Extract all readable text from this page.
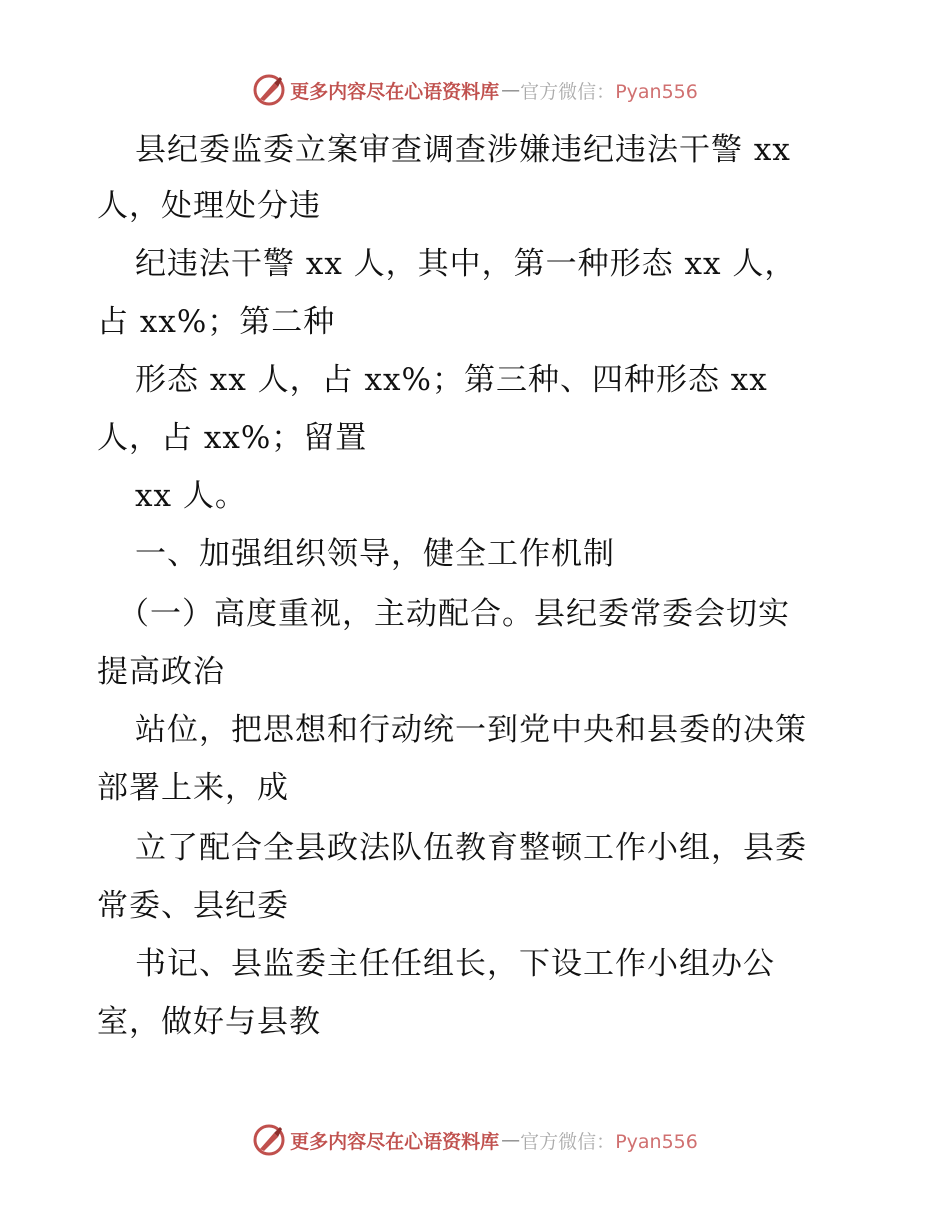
更多内容尽在心语资料库 — 官方微信：Pyan556
县纪委监委立案审查调查涉嫌违纪违法干警 xx
人，处理处分违
纪违法干警 xx 人，其中，第一种形态 xx 人，
占 xx%；第二种
形态 xx 人，占 xx%；第三种、四种形态 xx
人，占 xx%；留置
xx 人。
一、加强组织领导，健全工作机制
（一）高度重视，主动配合。县纪委常委会切实
提高政治
站位，把思想和行动统一到党中央和县委的决策
部署上来，成
立了配合全县政法队伍教育整顿工作小组，县委
常委、县纪委
书记、县监委主任任组长，下设工作小组办公
室，做好与县教
更多内容尽在心语资料库 — 官方微信：Pyan556
